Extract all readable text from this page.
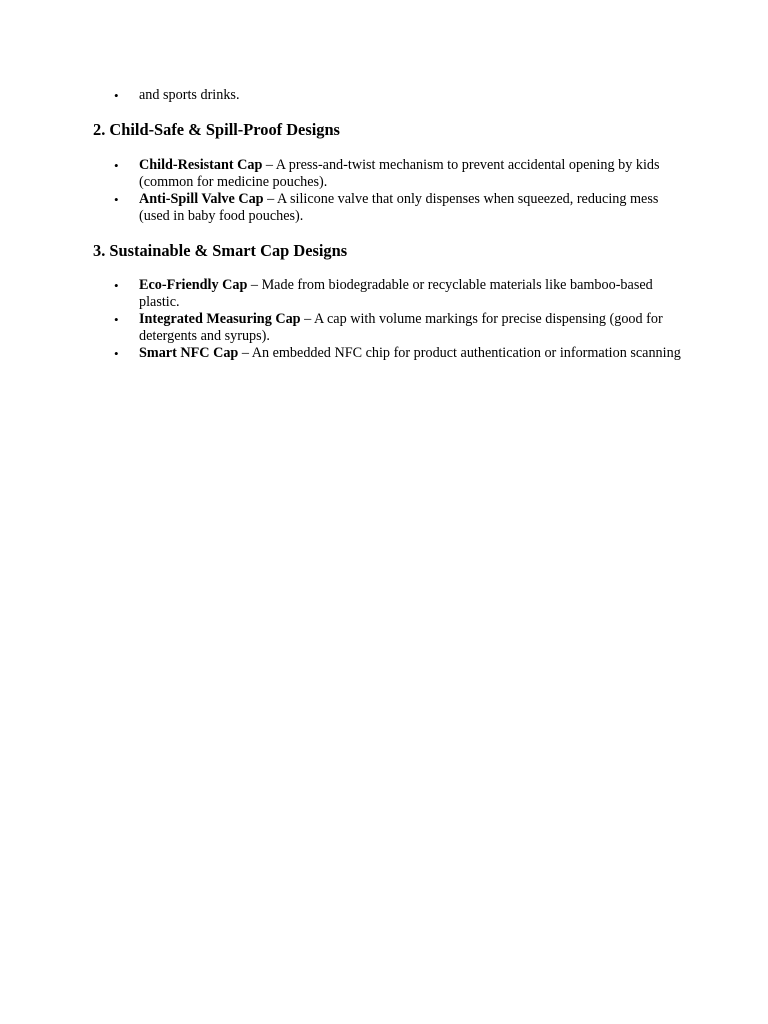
• and sports drinks.
2. Child-Safe & Spill-Proof Designs
• Child-Resistant Cap – A press-and-twist mechanism to prevent accidental opening by kids (common for medicine pouches).
• Anti-Spill Valve Cap – A silicone valve that only dispenses when squeezed, reducing mess (used in baby food pouches).
3. Sustainable & Smart Cap Designs
• Eco-Friendly Cap – Made from biodegradable or recyclable materials like bamboo-based plastic.
• Integrated Measuring Cap – A cap with volume markings for precise dispensing (good for detergents and syrups).
• Smart NFC Cap – An embedded NFC chip for product authentication or information scanning
